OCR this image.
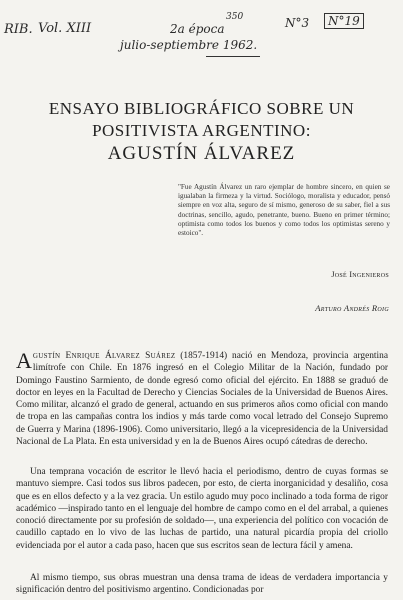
RIB. Vol. XIII	2a época
350	N°3	N°19
julio-septiembre 1962.
ENSAYO BIBLIOGRÁFICO SOBRE UN
POSITIVISTA ARGENTINO:
AGUSTÍN ÁLVAREZ
"Fue Agustín Álvarez un raro ejemplar de hombre sincero, en quien se igualaban la firmeza y la virtud. Sociólogo, moralista y educador, pensó siempre en voz alta, seguro de sí mismo, generoso de su saber, fiel a sus doctrinas, sencillo, agudo, penetrante, bueno. Bueno en primer término; optimista como todos los buenos y como todos los optimistas sereno y estoico".
José Ingenieros
Arturo Andrés Roig
Agustín Enrique Álvarez Suárez (1857-1914) nació en Mendoza, provincia argentina limítrofe con Chile. En 1876 ingresó en el Colegio Militar de la Nación, fundado por Domingo Faustino Sarmiento, de donde egresó como oficial del ejército. En 1888 se graduó de doctor en leyes en la Facultad de Derecho y Ciencias Sociales de la Universidad de Buenos Aires. Como militar, alcanzó el grado de general, actuando en sus primeros años como oficial con mando de tropa en las campañas contra los indios y más tarde como vocal letrado del Consejo Supremo de Guerra y Marina (1896-1906). Como universitario, llegó a la vicepresidencia de la Universidad Nacional de La Plata. En esta universidad y en la de Buenos Aires ocupó cátedras de derecho.
Una temprana vocación de escritor le llevó hacia el periodismo, dentro de cuyas formas se mantuvo siempre. Casi todos sus libros padecen, por esto, de cierta inorganicidad y desaliño, cosa que es en ellos defecto y a la vez gracia. Un estilo agudo muy poco inclinado a toda forma de rigor académico —inspirado tanto en el lenguaje del hombre de campo como en el del arrabal, a quienes conoció directamente por su profesión de soldado—, una experiencia del político con vocación de caudillo captado en lo vivo de las luchas de partido, una natural picardía propia del criollo evidenciada por el autor a cada paso, hacen que sus escritos sean de lectura fácil y amena.
Al mismo tiempo, sus obras muestran una densa trama de ideas de verdadera importancia y significación dentro del positivismo argentino. Condicionadas por
